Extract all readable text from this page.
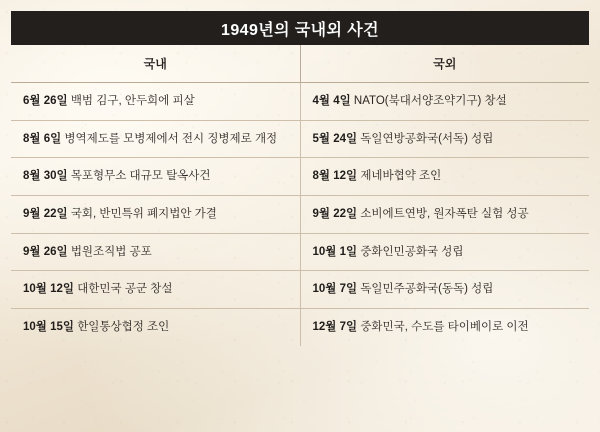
1949년의 국내외 사건
국내	국외
6월 26일 백범 김구, 안두희에 피살	4월 4일 NATO(북대서양조약기구) 창설
8월 6일 병역제도를 모병제에서 전시 징병제로 개정	5월 24일 독일연방공화국(서독) 성립
8월 30일 목포형무소 대규모 탈옥사건	8월 12일 제네바협약 조인
9월 22일 국회, 반민특위 폐지법안 가결	9월 22일 소비에트연방, 원자폭탄 실험 성공
9월 26일 법원조직법 공포	10월 1일 중화인민공화국 성립
10월 12일 대한민국 공군 창설	10월 7일 독일민주공화국(동독) 성립
10월 15일 한일통상협정 조인	12월 7일 중화민국, 수도를 타이베이로 이전
